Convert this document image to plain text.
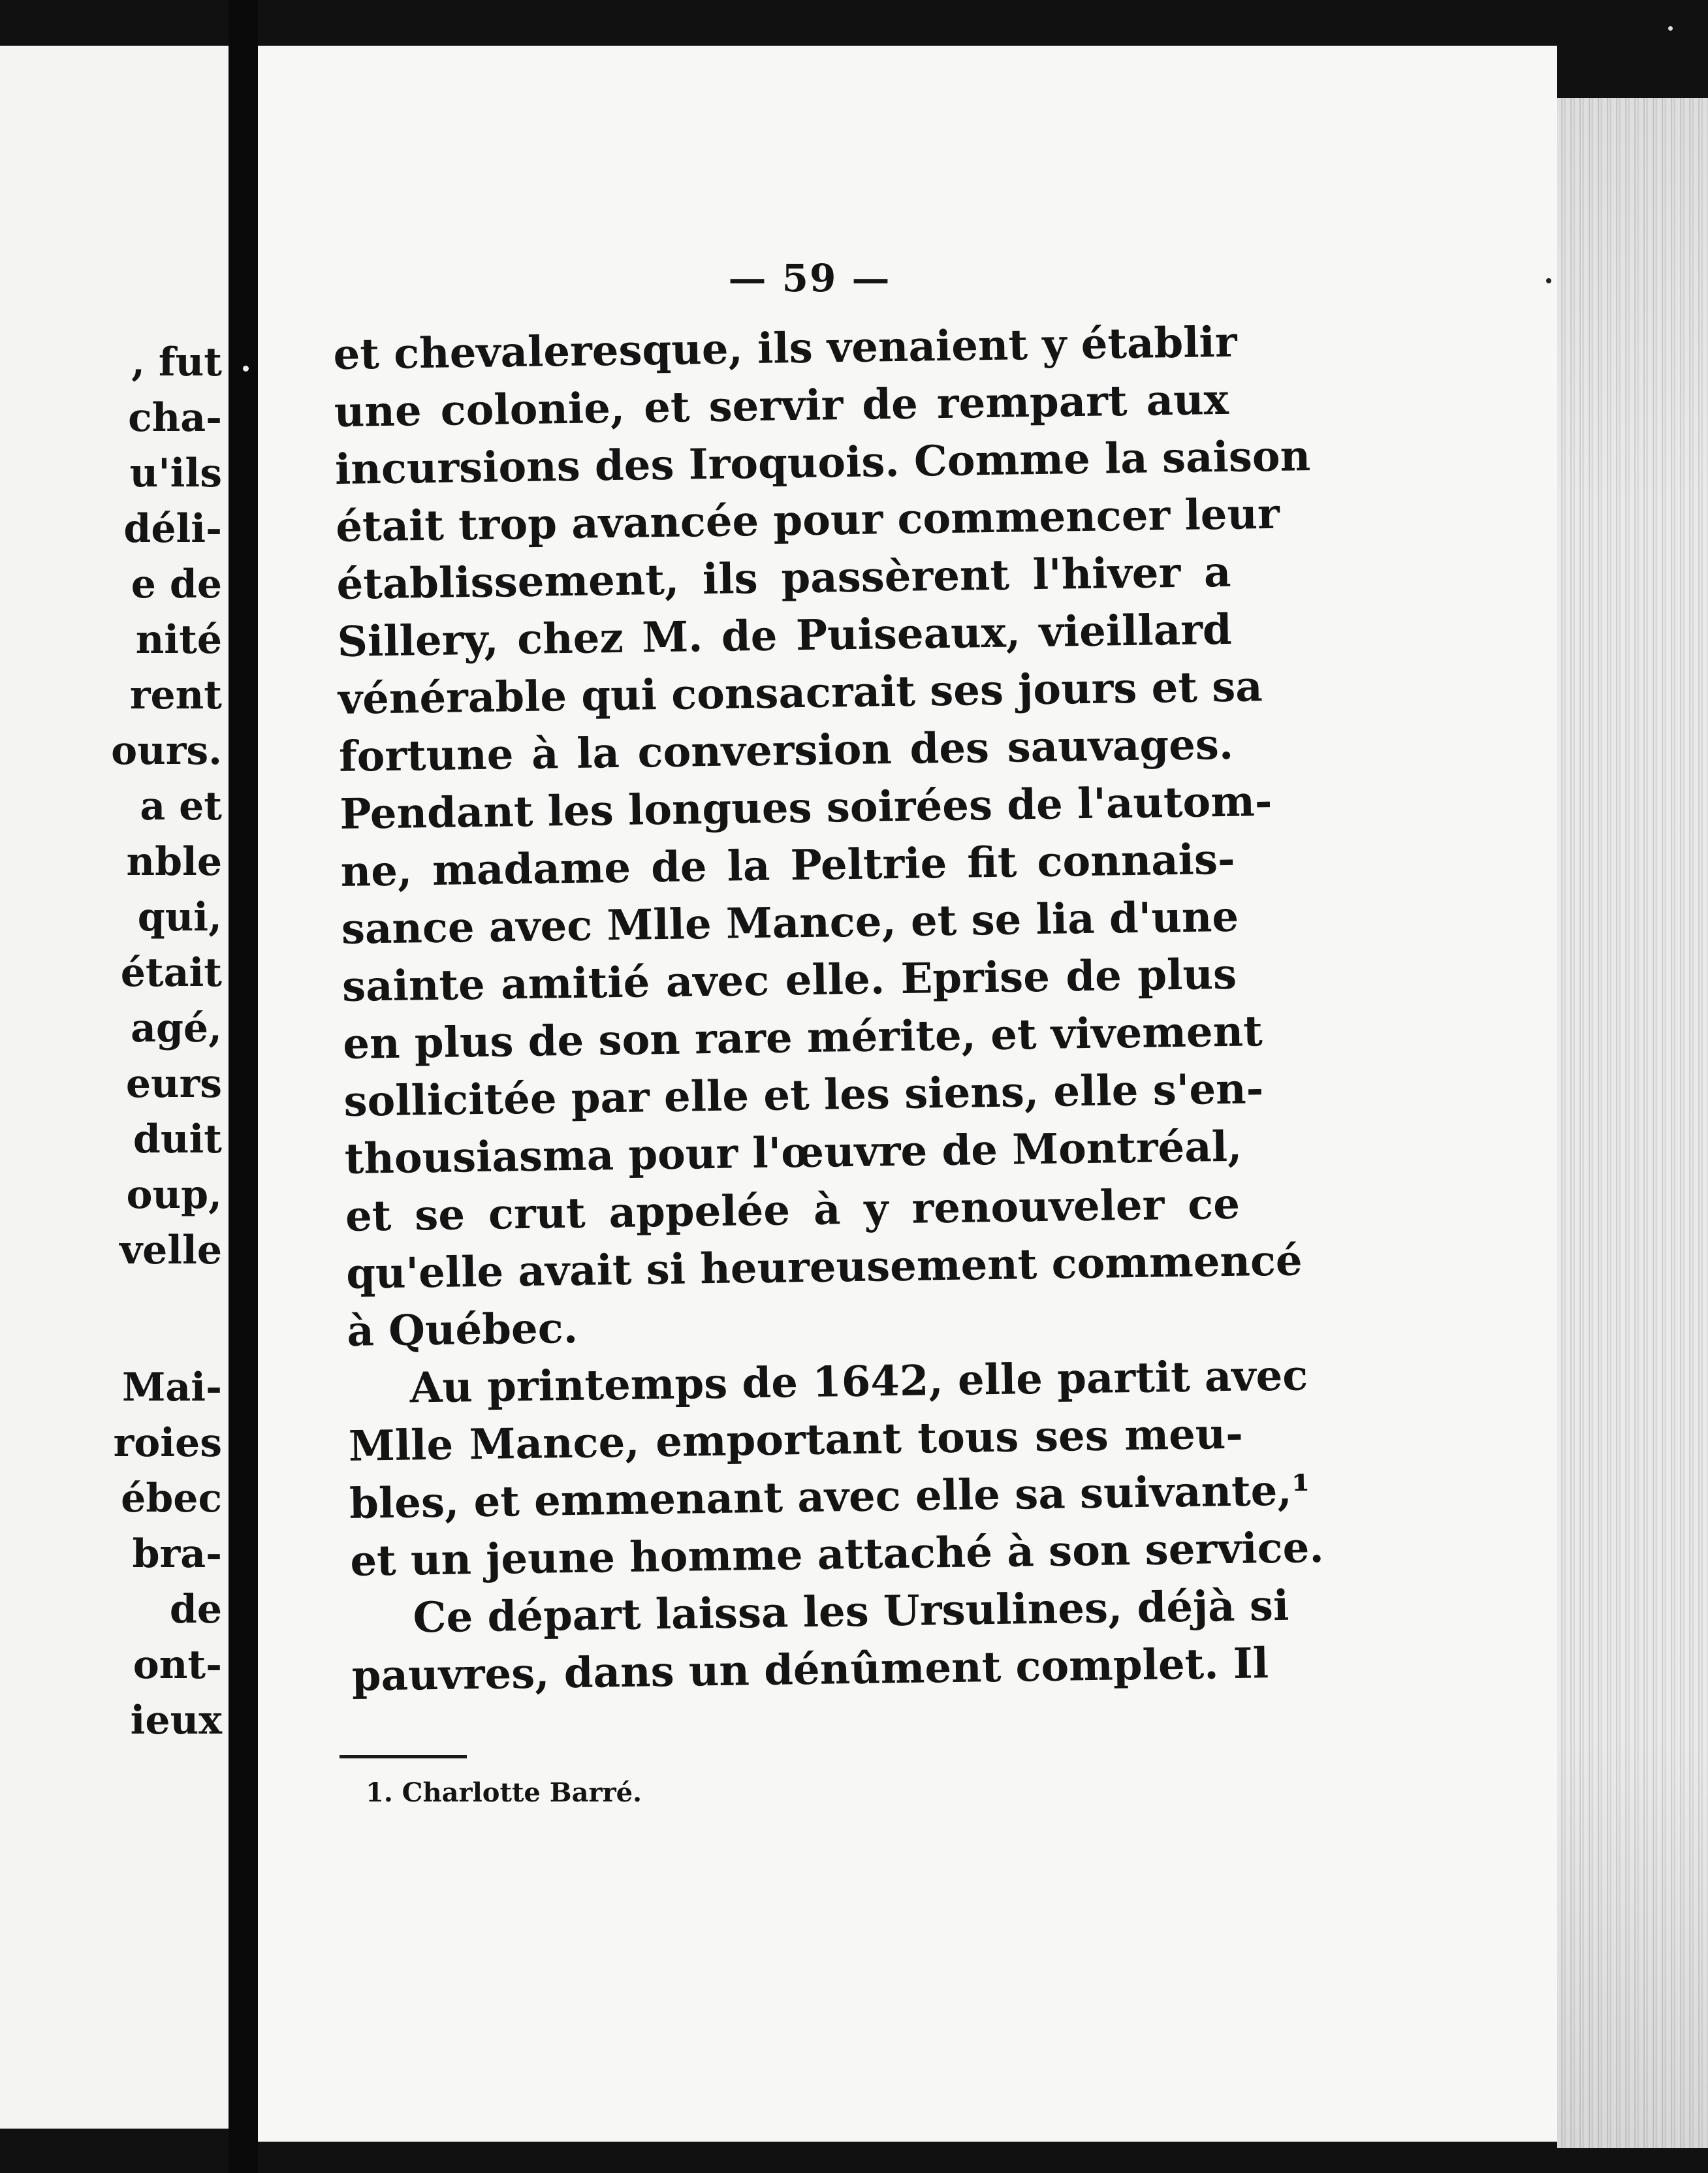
, fut
cha-
u'ils
déli-
e de
nité
rent
ours.
a et
nble
qui,
était
agé,
eurs
duit
oup,
velle
Mai-
roies
ébec
bra-
de
ont-
ieux
— 59 —
et chevaleresque, ils venaient y établir
une colonie, et servir de rempart aux
incursions des Iroquois. Comme la saison
était trop avancée pour commencer leur
établissement, ils passèrent l'hiver a
Sillery, chez M. de Puiseaux, vieillard
vénérable qui consacrait ses jours et sa
fortune à la conversion des sauvages.
Pendant les longues soirées de l'autom-
ne, madame de la Peltrie fit connais-
sance avec Mlle Mance, et se lia d'une
sainte amitié avec elle. Eprise de plus
en plus de son rare mérite, et vivement
sollicitée par elle et les siens, elle s'en-
thousiasma pour l'œuvre de Montréal,
et se crut appelée à y renouveler ce
qu'elle avait si heureusement commencé
à Québec.
Au printemps de 1642, elle partit avec
Mlle Mance, emportant tous ses meu-
bles, et emmenant avec elle sa suivante,¹
et un jeune homme attaché à son service.
Ce départ laissa les Ursulines, déjà si
pauvres, dans un dénûment complet. Il
1. Charlotte Barré.
